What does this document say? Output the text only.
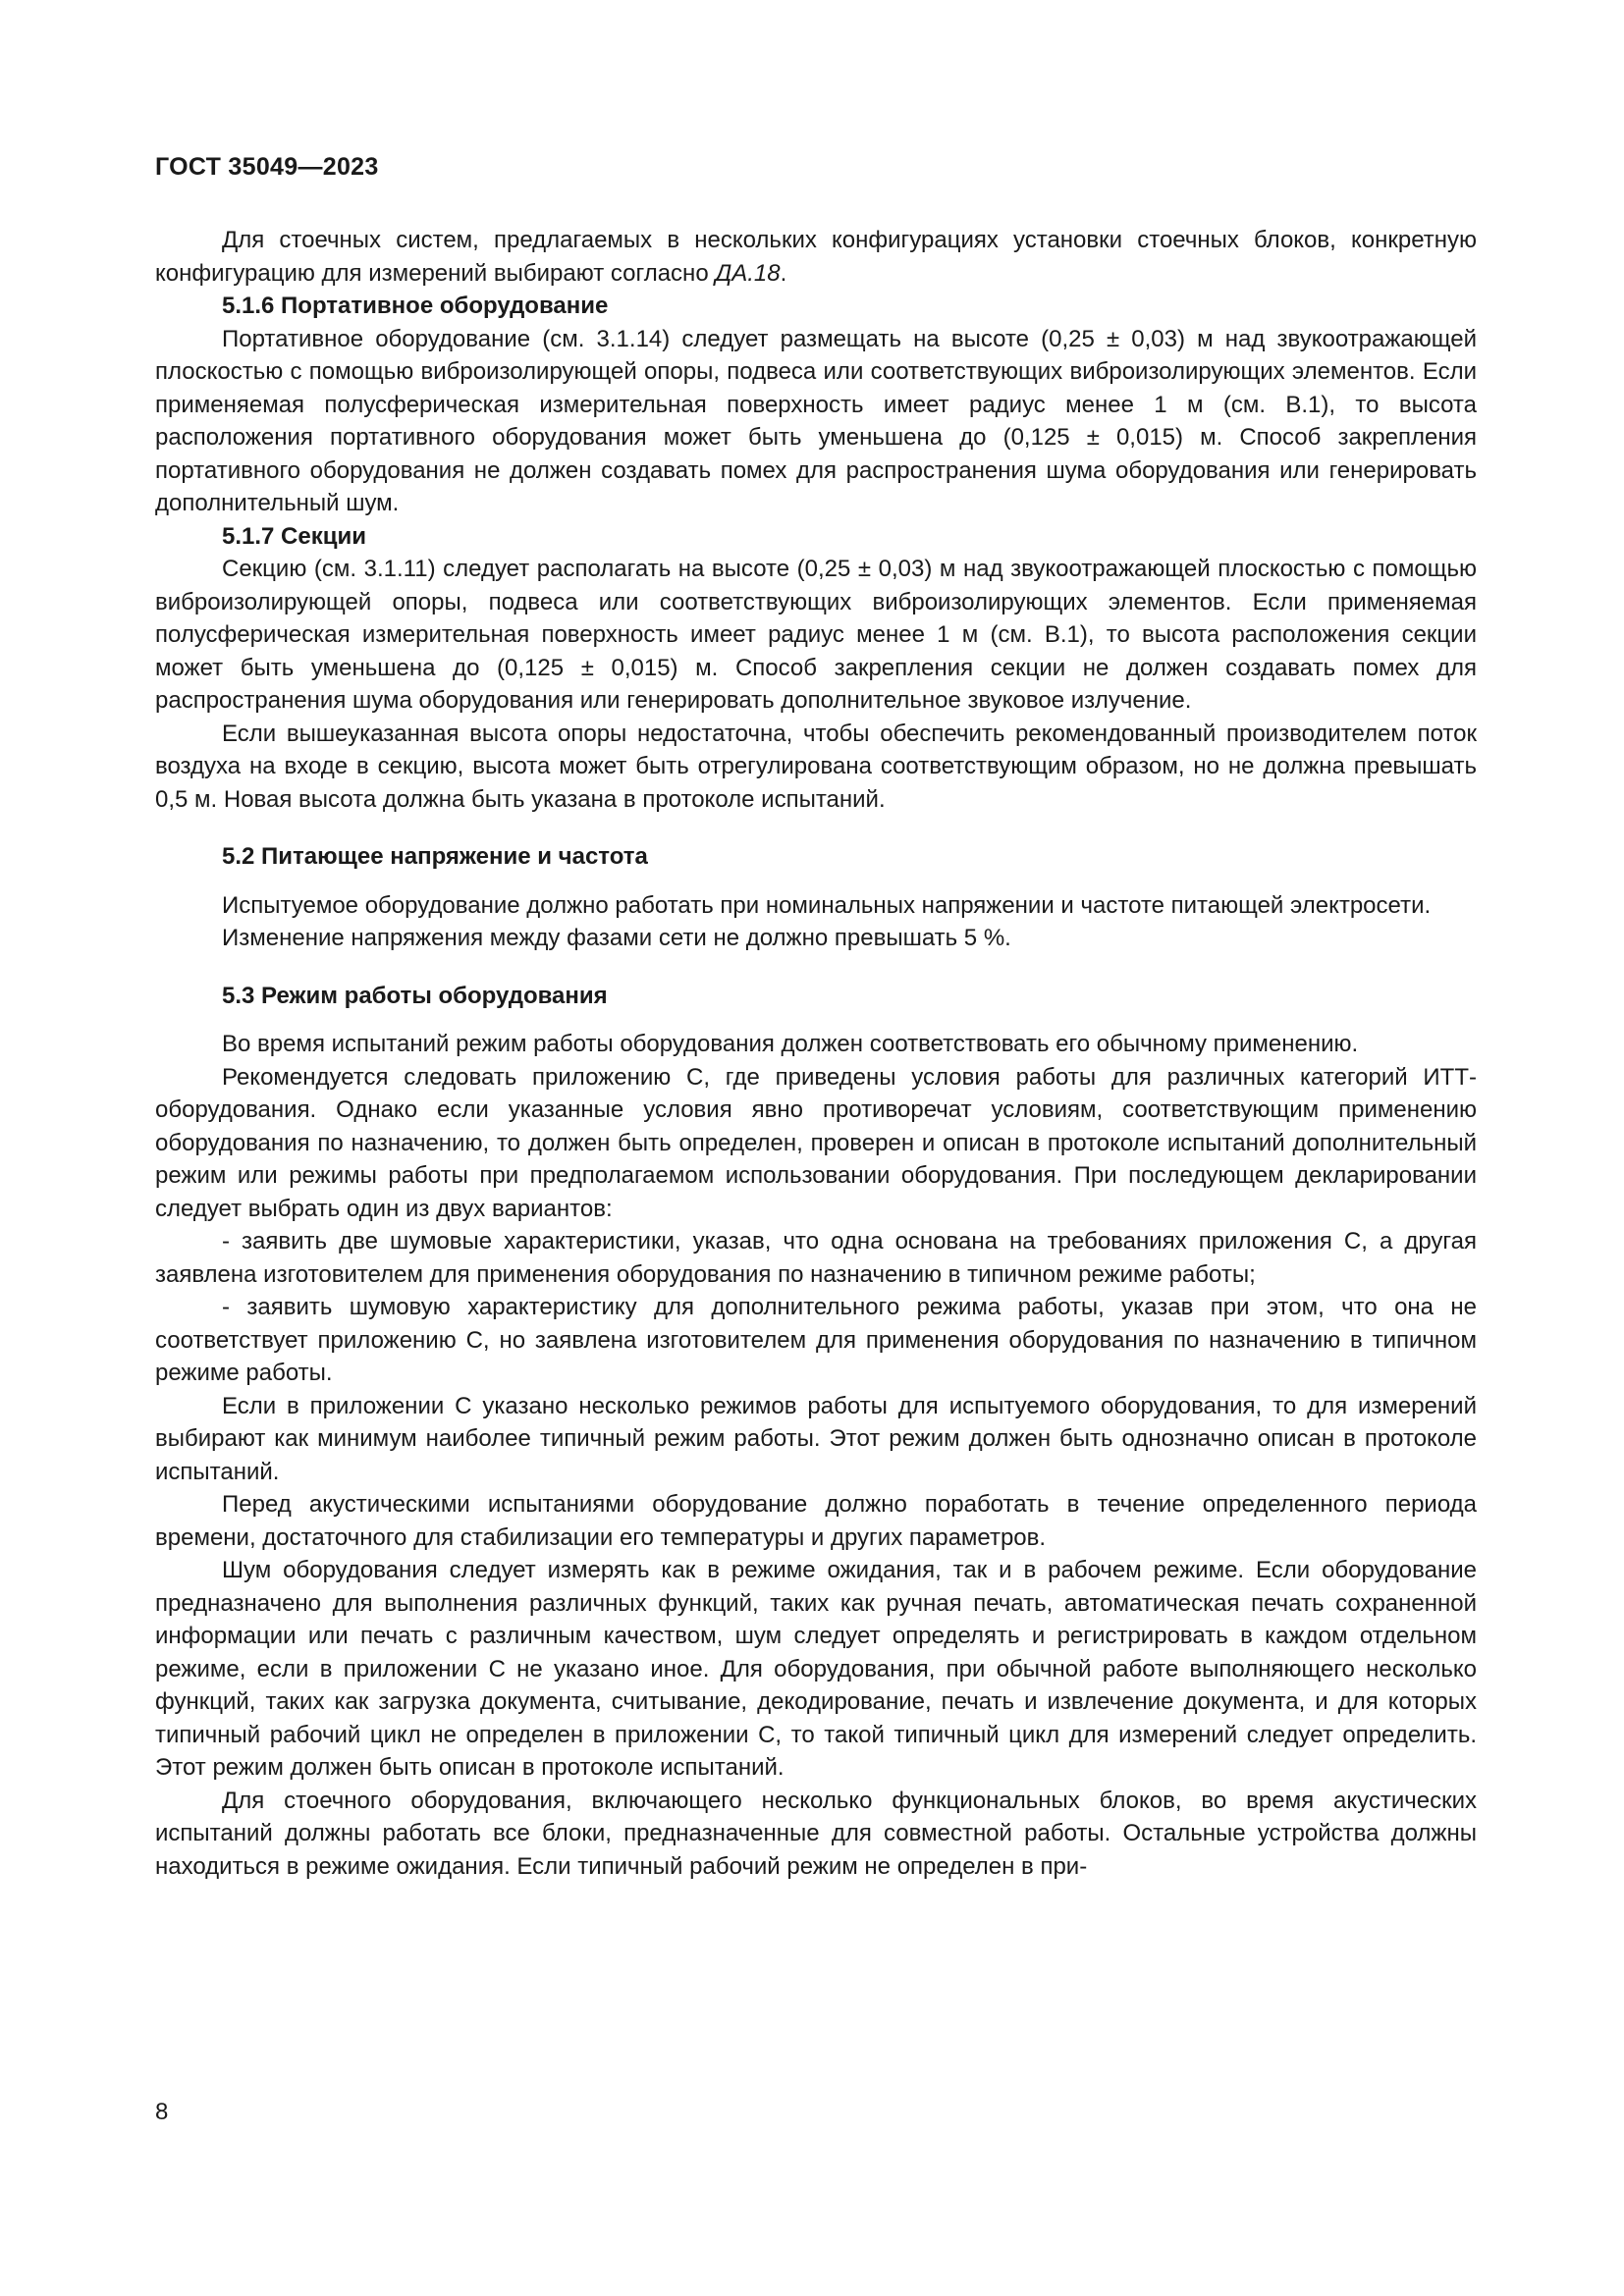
ГОСТ 35049—2023

Для стоечных систем, предлагаемых в нескольких конфигурациях установки стоечных блоков, конкретную конфигурацию для измерений выбирают согласно ДА.18.

5.1.6 Портативное оборудование

Портативное оборудование (см. 3.1.14) следует размещать на высоте (0,25 ± 0,03) м над звукоотражающей плоскостью с помощью виброизолирующей опоры, подвеса или соответствующих виброизолирующих элементов. Если применяемая полусферическая измерительная поверхность имеет радиус менее 1 м (см. B.1), то высота расположения портативного оборудования может быть уменьшена до (0,125 ± 0,015) м. Способ закрепления портативного оборудования не должен создавать помех для распространения шума оборудования или генерировать дополнительный шум.

5.1.7 Секции

Секцию (см. 3.1.11) следует располагать на высоте (0,25 ± 0,03) м над звукоотражающей плоскостью с помощью виброизолирующей опоры, подвеса или соответствующих виброизолирующих элементов. Если применяемая полусферическая измерительная поверхность имеет радиус менее 1 м (см. B.1), то высота расположения секции может быть уменьшена до (0,125 ± 0,015) м. Способ закрепления секции не должен создавать помех для распространения шума оборудования или генерировать дополнительное звуковое излучение.

Если вышеуказанная высота опоры недостаточна, чтобы обеспечить рекомендованный производителем поток воздуха на входе в секцию, высота может быть отрегулирована соответствующим образом, но не должна превышать 0,5 м. Новая высота должна быть указана в протоколе испытаний.

5.2 Питающее напряжение и частота

Испытуемое оборудование должно работать при номинальных напряжении и частоте питающей электросети.

Изменение напряжения между фазами сети не должно превышать 5 %.

5.3 Режим работы оборудования

Во время испытаний режим работы оборудования должен соответствовать его обычному применению.

Рекомендуется следовать приложению C, где приведены условия работы для различных категорий ИТТ-оборудования. Однако если указанные условия явно противоречат условиям, соответствующим применению оборудования по назначению, то должен быть определен, проверен и описан в протоколе испытаний дополнительный режим или режимы работы при предполагаемом использовании оборудования. При последующем декларировании следует выбрать один из двух вариантов:

- заявить две шумовые характеристики, указав, что одна основана на требованиях приложения C, а другая заявлена изготовителем для применения оборудования по назначению в типичном режиме работы;

- заявить шумовую характеристику для дополнительного режима работы, указав при этом, что она не соответствует приложению C, но заявлена изготовителем для применения оборудования по назначению в типичном режиме работы.

Если в приложении C указано несколько режимов работы для испытуемого оборудования, то для измерений выбирают как минимум наиболее типичный режим работы. Этот режим должен быть однозначно описан в протоколе испытаний.

Перед акустическими испытаниями оборудование должно поработать в течение определенного периода времени, достаточного для стабилизации его температуры и других параметров.

Шум оборудования следует измерять как в режиме ожидания, так и в рабочем режиме. Если оборудование предназначено для выполнения различных функций, таких как ручная печать, автоматическая печать сохраненной информации или печать с различным качеством, шум следует определять и регистрировать в каждом отдельном режиме, если в приложении C не указано иное. Для оборудования, при обычной работе выполняющего несколько функций, таких как загрузка документа, считывание, декодирование, печать и извлечение документа, и для которых типичный рабочий цикл не определен в приложении C, то такой типичный цикл для измерений следует определить. Этот режим должен быть описан в протоколе испытаний.

Для стоечного оборудования, включающего несколько функциональных блоков, во время акустических испытаний должны работать все блоки, предназначенные для совместной работы. Остальные устройства должны находиться в режиме ожидания. Если типичный рабочий режим не определен в при-

8
